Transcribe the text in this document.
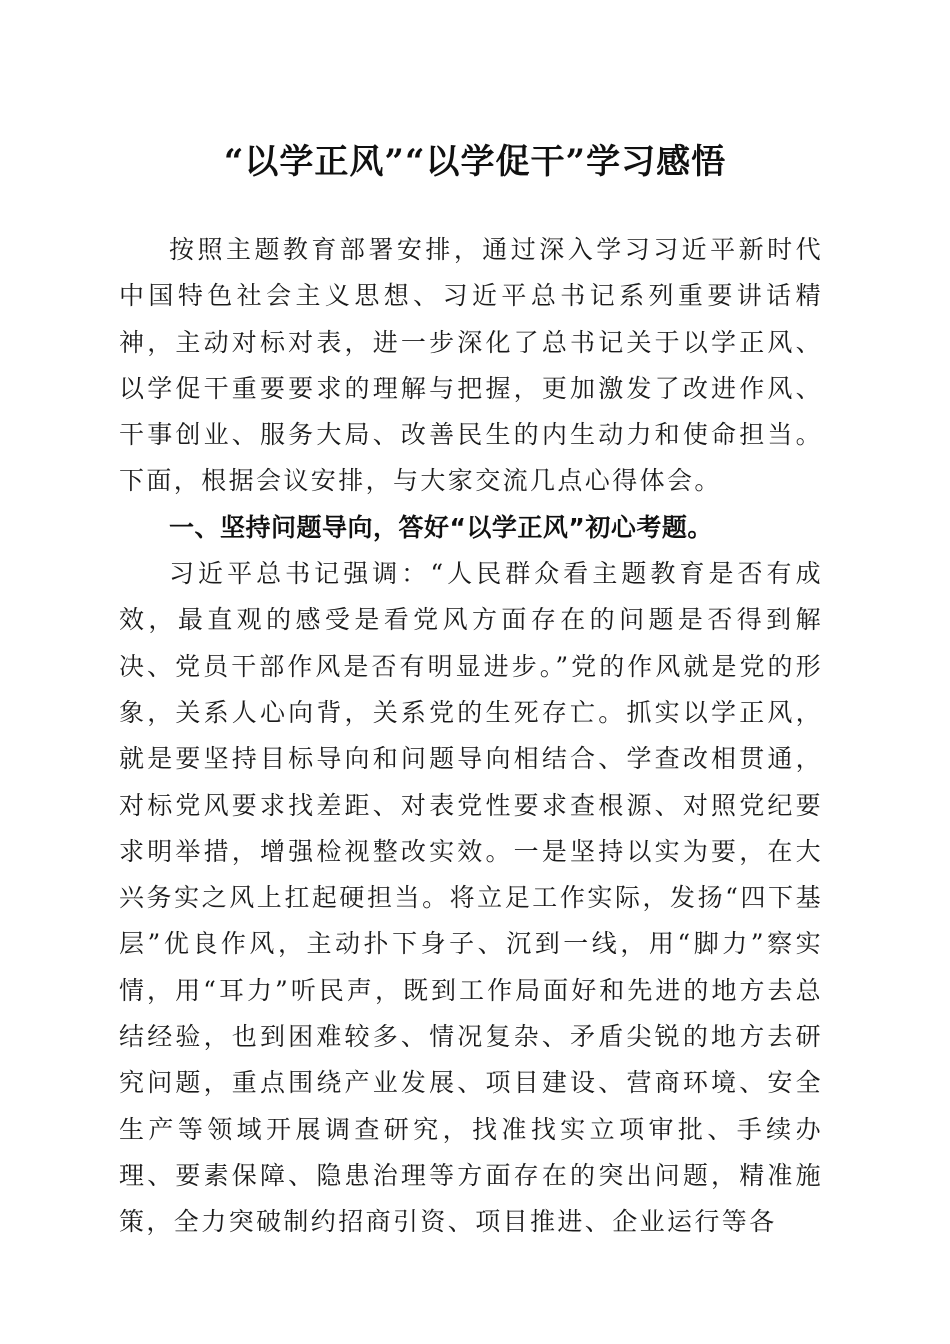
“以学正风”“以学促干”学习感悟

按照主题教育部署安排，通过深入学习习近平新时代中国特色社会主义思想、习近平总书记系列重要讲话精神，主动对标对表，进一步深化了总书记关于以学正风、以学促干重要要求的理解与把握，更加激发了改进作风、干事创业、服务大局、改善民生的内生动力和使命担当。下面，根据会议安排，与大家交流几点心得体会。

一、坚持问题导向，答好“以学正风”初心考题。

习近平总书记强调：“人民群众看主题教育是否有成效，最直观的感受是看党风方面存在的问题是否得到解决、党员干部作风是否有明显进步。”党的作风就是党的形象，关系人心向背，关系党的生死存亡。抓实以学正风，就是要坚持目标导向和问题导向相结合、学查改相贯通，对标党风要求找差距、对表党性要求查根源、对照党纪要求明举措，增强检视整改实效。一是坚持以实为要，在大兴务实之风上扛起硬担当。将立足工作实际，发扬“四下基层”优良作风，主动扑下身子、沉到一线，用“脚力”察实情，用“耳力”听民声，既到工作局面好和先进的地方去总结经验，也到困难较多、情况复杂、矛盾尖锐的地方去研究问题，重点围绕产业发展、项目建设、营商环境、安全生产等领域开展调查研究，找准找实立项审批、手续办理、要素保障、隐患治理等方面存在的突出问题，精准施策，全力突破制约招商引资、项目推进、企业运行等各
